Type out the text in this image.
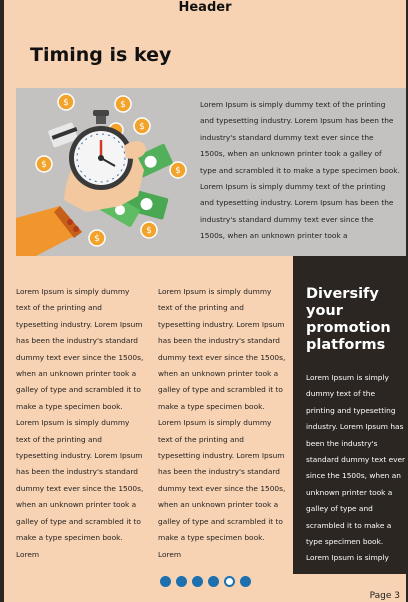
Header
Timing is key
$	$
$
$
$
$
$
Lorem Ipsum is simply dummy text of the printing and typesetting industry. Lorem Ipsum has been the industry's standard dummy text ever since the 1500s, when an unknown printer took a galley of type and scrambled it to make a type specimen book. Lorem Ipsum is simply dummy text of the printing and typesetting industry. Lorem Ipsum has been the industry's standard dummy text ever since the 1500s, when an unknown printer took a
Lorem Ipsum is simply dummy text of the printing and typesetting industry. Lorem Ipsum has been the industry's standard dummy text ever since the 1500s, when an unknown printer took a galley of type and scrambled it to make a type specimen book. Lorem Ipsum is simply dummy text of the printing and typesetting industry. Lorem Ipsum has been the industry's standard dummy text ever since the 1500s, when an unknown printer took a galley of type and scrambled it to make a type specimen book. Lorem
Lorem Ipsum is simply dummy text of the printing and typesetting industry. Lorem Ipsum has been the industry's standard dummy text ever since the 1500s, when an unknown printer took a galley of type and scrambled it to make a type specimen book. Lorem Ipsum is simply dummy text of the printing and typesetting industry. Lorem Ipsum has been the industry's standard dummy text ever since the 1500s, when an unknown printer took a galley of type and scrambled it to make a type specimen book. Lorem
Diversify your promotion platforms
Lorem Ipsum is simply dummy text of the printing and typesetting industry. Lorem Ipsum has been the industry's standard dummy text ever since the 1500s, when an unknown printer took a galley of type and scrambled it to make a type specimen book. Lorem Ipsum is simply
Page 3
